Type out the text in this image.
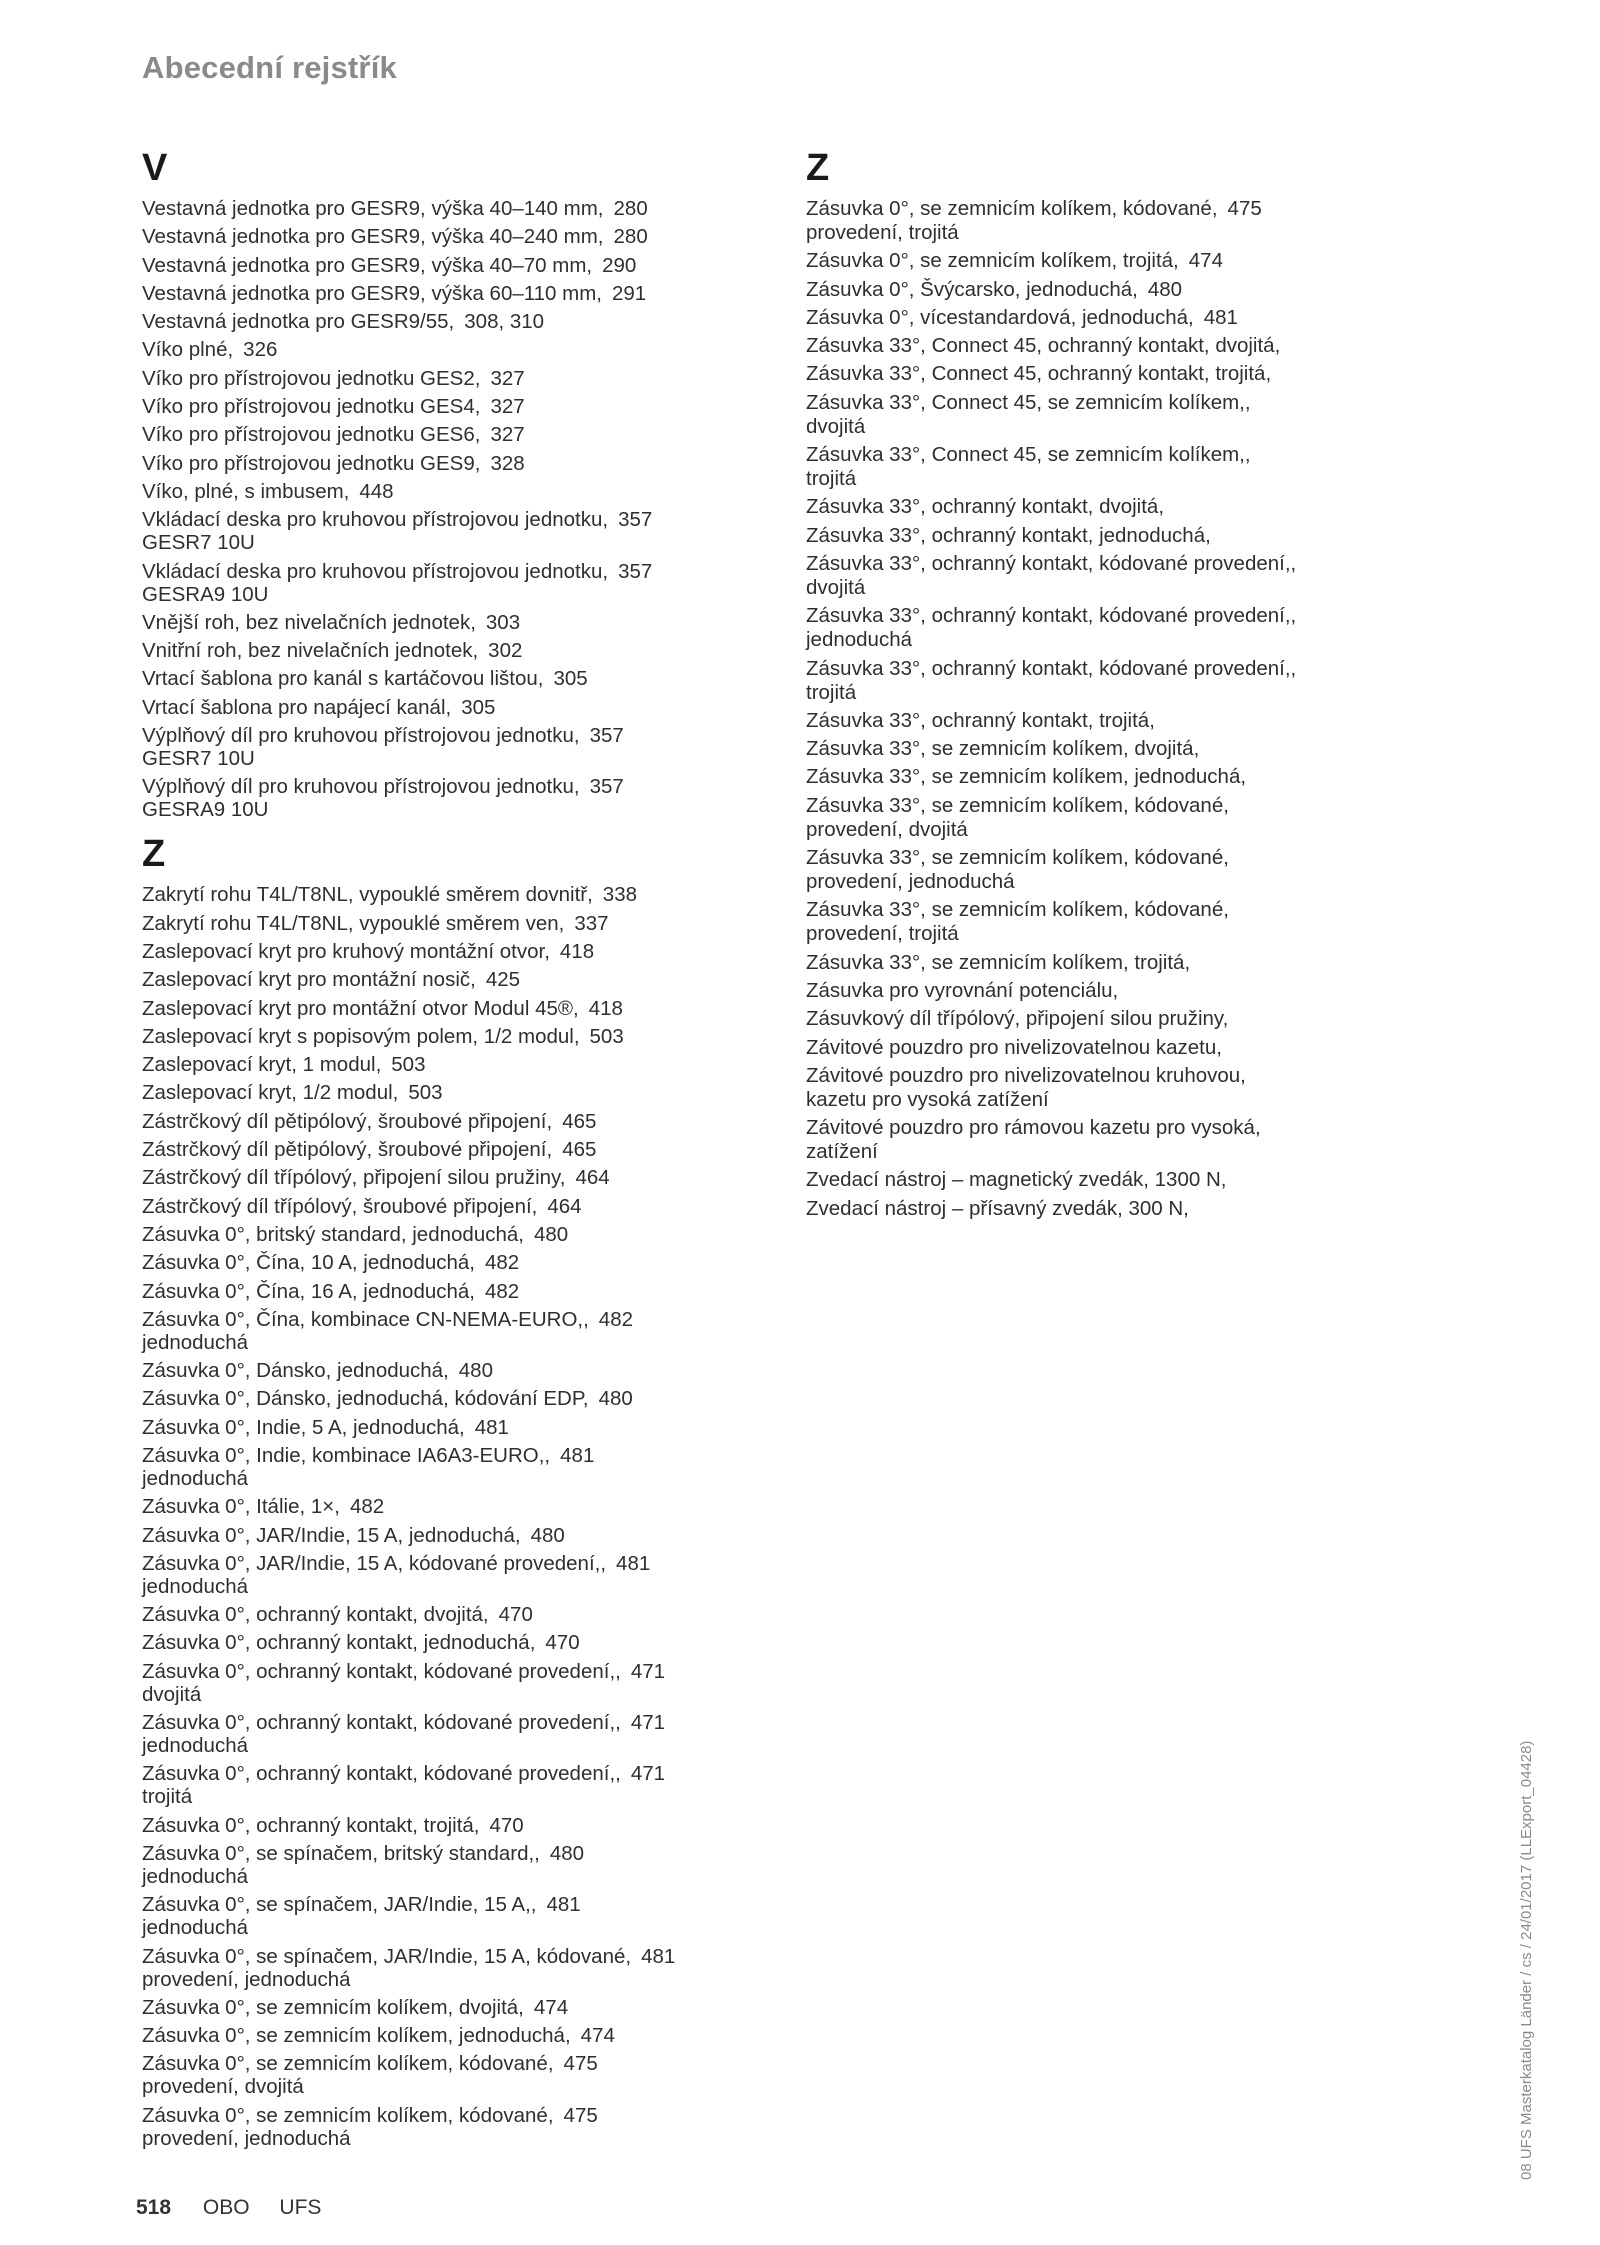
Abecední rejstřík
V
Vestavná jednotka pro GESR9, výška 40–140 mm, 280
Vestavná jednotka pro GESR9, výška 40–240 mm, 280
Vestavná jednotka pro GESR9, výška 40–70 mm, 290
Vestavná jednotka pro GESR9, výška 60–110 mm, 291
Vestavná jednotka pro GESR9/55, 308, 310
Víko plné, 326
Víko pro přístrojovou jednotku GES2, 327
Víko pro přístrojovou jednotku GES4, 327
Víko pro přístrojovou jednotku GES6, 327
Víko pro přístrojovou jednotku GES9, 328
Víko, plné, s imbusem, 448
Vkládací deska pro kruhovou přístrojovou jednotku, 357
GESR7 10U
Vkládací deska pro kruhovou přístrojovou jednotku, 357
GESRA9 10U
Vnější roh, bez nivelačních jednotek, 303
Vnitřní roh, bez nivelačních jednotek, 302
Vrtací šablona pro kanál s kartáčovou lištou, 305
Vrtací šablona pro napájecí kanál, 305
Výplňový díl pro kruhovou přístrojovou jednotku, 357
GESR7 10U
Výplňový díl pro kruhovou přístrojovou jednotku, 357
GESRA9 10U
Z
Zakrytí rohu T4L/T8NL, vypouklé směrem dovnitř, 338
Zakrytí rohu T4L/T8NL, vypouklé směrem ven, 337
Zaslepovací kryt pro kruhový montážní otvor, 418
Zaslepovací kryt pro montážní nosič, 425
Zaslepovací kryt pro montážní otvor Modul 45®, 418
Zaslepovací kryt s popisovým polem, 1/2 modul, 503
Zaslepovací kryt, 1 modul, 503
Zaslepovací kryt, 1/2 modul, 503
Zástrčkový díl pětipólový, šroubové připojení, 465
Zástrčkový díl pětipólový, šroubové připojení, 465
Zástrčkový díl třípólový, připojení silou pružiny, 464
Zástrčkový díl třípólový, šroubové připojení, 464
Zásuvka 0°, britský standard, jednoduchá, 480
Zásuvka 0°, Čína, 10 A, jednoduchá, 482
Zásuvka 0°, Čína, 16 A, jednoduchá, 482
Zásuvka 0°, Čína, kombinace CN-NEMA-EURO,, 482
jednoduchá
Zásuvka 0°, Dánsko, jednoduchá, 480
Zásuvka 0°, Dánsko, jednoduchá, kódování EDP, 480
Zásuvka 0°, Indie, 5 A, jednoduchá, 481
Zásuvka 0°, Indie, kombinace IA6A3-EURO,, 481
jednoduchá
Zásuvka 0°, Itálie, 1×, 482
Zásuvka 0°, JAR/Indie, 15 A, jednoduchá, 480
Zásuvka 0°, JAR/Indie, 15 A, kódované provedení,, 481
jednoduchá
Zásuvka 0°, ochranný kontakt, dvojitá, 470
Zásuvka 0°, ochranný kontakt, jednoduchá, 470
Zásuvka 0°, ochranný kontakt, kódované provedení,, 471
dvojitá
Zásuvka 0°, ochranný kontakt, kódované provedení,, 471
jednoduchá
Zásuvka 0°, ochranný kontakt, kódované provedení,, 471
trojitá
Zásuvka 0°, ochranný kontakt, trojitá, 470
Zásuvka 0°, se spínačem, britský standard,, 480
jednoduchá
Zásuvka 0°, se spínačem, JAR/Indie, 15 A,, 481
jednoduchá
Zásuvka 0°, se spínačem, JAR/Indie, 15 A, kódované, 481
provedení, jednoduchá
Zásuvka 0°, se zemnicím kolíkem, dvojitá, 474
Zásuvka 0°, se zemnicím kolíkem, jednoduchá, 474
Zásuvka 0°, se zemnicím kolíkem, kódované, 475
provedení, dvojitá
Zásuvka 0°, se zemnicím kolíkem, kódované, 475
provedení, jednoduchá
Z
Zásuvka 0°, se zemnicím kolíkem, kódované, 475
provedení, trojitá
Zásuvka 0°, se zemnicím kolíkem, trojitá, 474
Zásuvka 0°, Švýcarsko, jednoduchá, 480
Zásuvka 0°, vícestandardová, jednoduchá, 481
Zásuvka 33°, Connect 45, ochranný kontakt, dvojitá,
Zásuvka 33°, Connect 45, ochranný kontakt, trojitá,
Zásuvka 33°, Connect 45, se zemnicím kolíkem,,
dvojitá
Zásuvka 33°, Connect 45, se zemnicím kolíkem,,
trojitá
Zásuvka 33°, ochranný kontakt, dvojitá,
Zásuvka 33°, ochranný kontakt, jednoduchá,
Zásuvka 33°, ochranný kontakt, kódované provedení,,
dvojitá
Zásuvka 33°, ochranný kontakt, kódované provedení,,
jednoduchá
Zásuvka 33°, ochranný kontakt, kódované provedení,,
trojitá
Zásuvka 33°, ochranný kontakt, trojitá,
Zásuvka 33°, se zemnicím kolíkem, dvojitá,
Zásuvka 33°, se zemnicím kolíkem, jednoduchá,
Zásuvka 33°, se zemnicím kolíkem, kódované,
provedení, dvojitá
Zásuvka 33°, se zemnicím kolíkem, kódované,
provedení, jednoduchá
Zásuvka 33°, se zemnicím kolíkem, kódované,
provedení, trojitá
Zásuvka 33°, se zemnicím kolíkem, trojitá,
Zásuvka pro vyrovnání potenciálu,
Zásuvkový díl třípólový, připojení silou pružiny,
Závitové pouzdro pro nivelizovatelnou kazetu,
Závitové pouzdro pro nivelizovatelnou kruhovou,
kazetu pro vysoká zatížení
Závitové pouzdro pro rámovou kazetu pro vysoká,
zatížení
Zvedací nástroj – magnetický zvedák, 1300 N,
Zvedací nástroj – přísavný zvedák, 300 N,
518 OBO UFS
08 UFS Masterkatalog Länder / cs / 24/01/2017 (LLExport_04428)
